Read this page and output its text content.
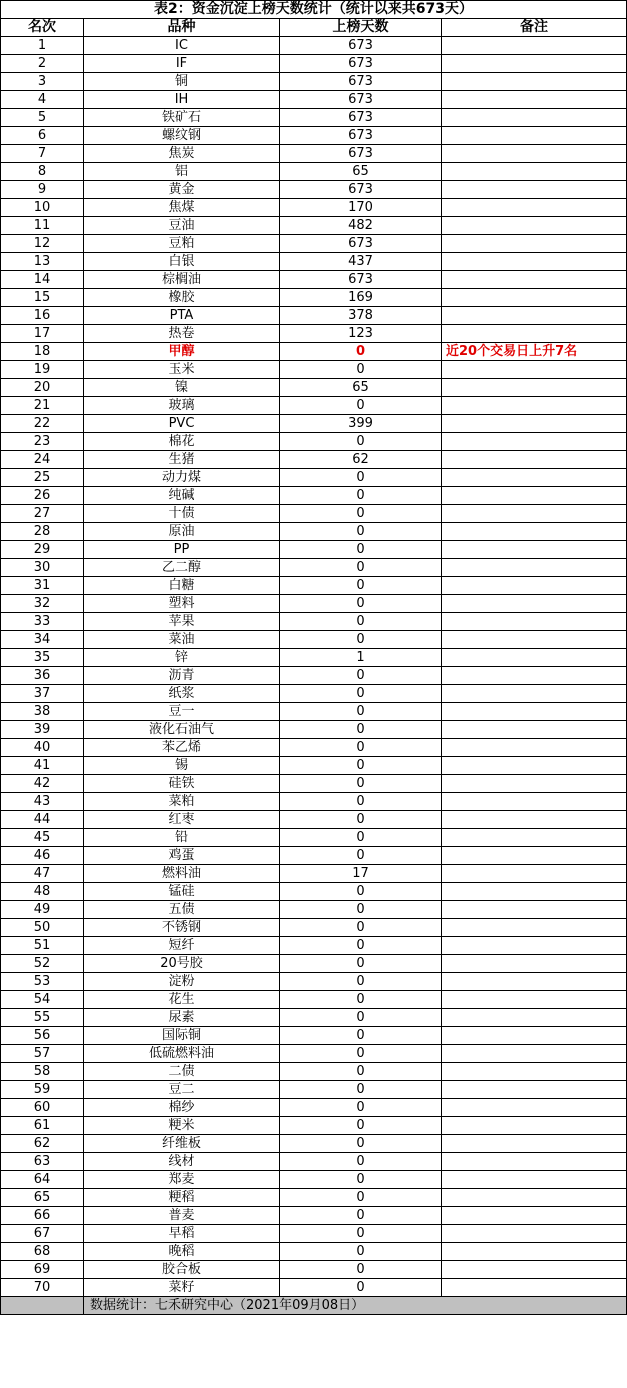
表2：资金沉淀上榜天数统计（统计以来共673天）			
名次	品种	上榜天数	备注
1	IC	673	
2	IF	673	
3	铜	673	
4	IH	673	
5	铁矿石	673	
6	螺纹钢	673	
7	焦炭	673	
8	铝	65	
9	黄金	673	
10	焦煤	170	
11	豆油	482	
12	豆粕	673	
13	白银	437	
14	棕榈油	673	
15	橡胶	169	
16	PTA	378	
17	热卷	123	
18	甲醇	0	近20个交易日上升7名
19	玉米	0	
20	镍	65	
21	玻璃	0	
22	PVC	399	
23	棉花	0	
24	生猪	62	
25	动力煤	0	
26	纯碱	0	
27	十债	0	
28	原油	0	
29	PP	0	
30	乙二醇	0	
31	白糖	0	
32	塑料	0	
33	苹果	0	
34	菜油	0	
35	锌	1	
36	沥青	0	
37	纸浆	0	
38	豆一	0	
39	液化石油气	0	
40	苯乙烯	0	
41	锡	0	
42	硅铁	0	
43	菜粕	0	
44	红枣	0	
45	铅	0	
46	鸡蛋	0	
47	燃料油	17	
48	锰硅	0	
49	五债	0	
50	不锈钢	0	
51	短纤	0	
52	20号胶	0	
53	淀粉	0	
54	花生	0	
55	尿素	0	
56	国际铜	0	
57	低硫燃料油	0	
58	二债	0	
59	豆二	0	
60	棉纱	0	
61	粳米	0	
62	纤维板	0	
63	线材	0	
64	郑麦	0	
65	粳稻	0	
66	普麦	0	
67	早稻	0	
68	晚稻	0	
69	胶合板	0	
70	菜籽	0	
	数据统计：七禾研究中心（2021年09月08日）		
